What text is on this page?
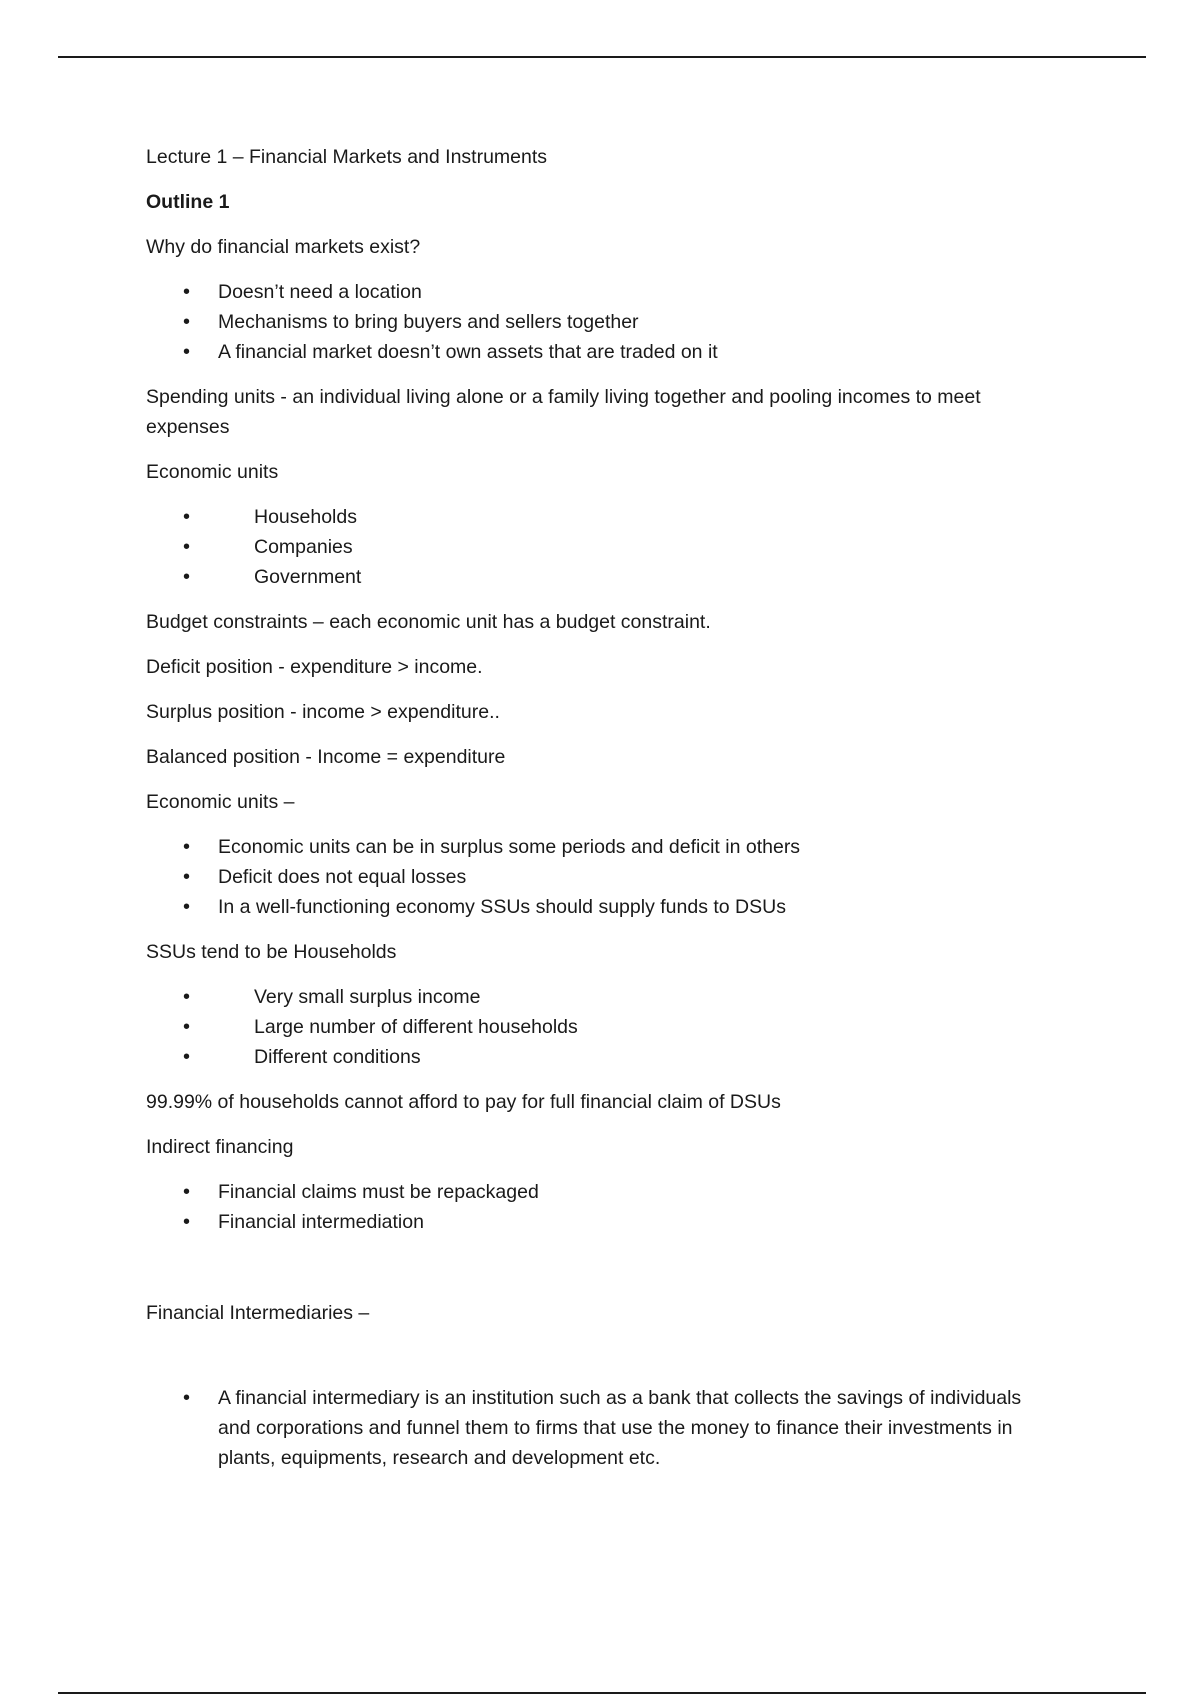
Lecture 1 – Financial Markets and Instruments

Outline 1

Why do financial markets exist?

• Doesn’t need a location
• Mechanisms to bring buyers and sellers together
• A financial market doesn’t own assets that are traded on it

Spending units - an individual living alone or a family living together and pooling incomes to meet expenses

Economic units

• Households
• Companies
• Government

Budget constraints – each economic unit has a budget constraint.

Deficit position - expenditure > income.

Surplus position - income > expenditure..

Balanced position - Income = expenditure

Economic units –

• Economic units can be in surplus some periods and deficit in others
• Deficit does not equal losses
• In a well-functioning economy SSUs should supply funds to DSUs

SSUs tend to be Households

• Very small surplus income
• Large number of different households
• Different conditions

99.99% of households cannot afford to pay for full financial claim of DSUs

Indirect financing

• Financial claims must be repackaged
• Financial intermediation

Financial Intermediaries –

• A financial intermediary is an institution such as a bank that collects the savings of individuals and corporations and funnel them to firms that use the money to finance their investments in plants, equipments, research and development etc.
